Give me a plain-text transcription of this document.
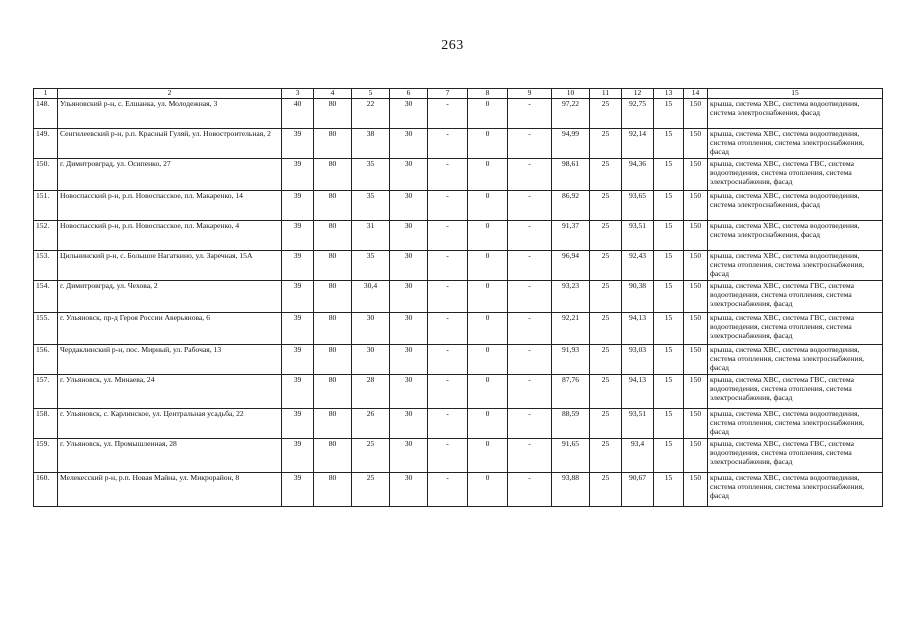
263
1	2	3	4	5	6	7	8	9	10	11	12	13	14	15
148.	Ульяновский р-н, с. Елшанка, ул. Молодежная, 3	40	80	22	30	-	0	-	97,22	25	92,75	15	150	крыша, система ХВС, система водоотведения, система электроснабжения, фасад
149.	Сенгилеевский р-н, р.п. Красный Гуляй, ул. Новостроительная, 2	39	80	38	30	-	0	-	94,99	25	92,14	15	150	крыша, система ХВС, система водоотведения, система отопления, система электроснабжения, фасад
150.	г. Димитровград, ул. Осипенко, 27	39	80	35	30	-	0	-	98,61	25	94,36	15	150	крыша, система ХВС, система ГВС, система водоотведения, система отопления, система электроснабжения, фасад
151.	Новоспасский р-н, р.п. Новоспасское, пл. Макаренко, 14	39	80	35	30	-	0	-	86,92	25	93,65	15	150	крыша, система ХВС, система водоотведения, система электроснабжения, фасад
152.	Новоспасский р-н, р.п. Новоспасское, пл. Макаренко, 4	39	80	31	30	-	0	-	91,37	25	93,51	15	150	крыша, система ХВС, система водоотведения, система электроснабжения, фасад
153.	Цильнинский р-н, с. Большое Нагаткино, ул. Заречная, 15А	39	80	35	30	-	0	-	96,94	25	92,43	15	150	крыша, система ХВС, система водоотведения, система отопления, система электроснабжения, фасад
154.	г. Димитровград, ул. Чехова, 2	39	80	30,4	30	-	0	-	93,23	25	90,38	15	150	крыша, система ХВС, система ГВС, система водоотведения, система отопления, система электроснабжения, фасад
155.	г. Ульяновск, пр-д Героя России Аверьянова, 6	39	80	30	30	-	0	-	92,21	25	94,13	15	150	крыша, система ХВС, система ГВС, система водоотведения, система отопления, система электроснабжения, фасад
156.	Чердаклинский р-н, пос. Мирный, ул. Рабочая, 13	39	80	30	30	-	0	-	91,93	25	93,03	15	150	крыша, система ХВС, система водоотведения, система отопления, система электроснабжения, фасад
157.	г. Ульяновск, ул. Минаева, 24	39	80	28	30	-	0	-	87,76	25	94,13	15	150	крыша, система ХВС, система ГВС, система водоотведения, система отопления, система электроснабжения, фасад
158.	г. Ульяновск, с. Карлинское, ул. Центральная усадьба, 22	39	80	26	30	-	0	-	88,59	25	93,51	15	150	крыша, система ХВС, система водоотведения, система отопления, система электроснабжения, фасад
159.	г. Ульяновск, ул. Промышленная, 28	39	80	25	30	-	0	-	91,65	25	93,4	15	150	крыша, система ХВС, система ГВС, система водоотведения, система отопления, система электроснабжения, фасад
160.	Мелекесский р-н, р.п. Новая Майна, ул. Микрорайон, 8	39	80	25	30	-	0	-	93,88	25	90,67	15	150	крыша, система ХВС, система водоотведения, система отопления, система электроснабжения, фасад
